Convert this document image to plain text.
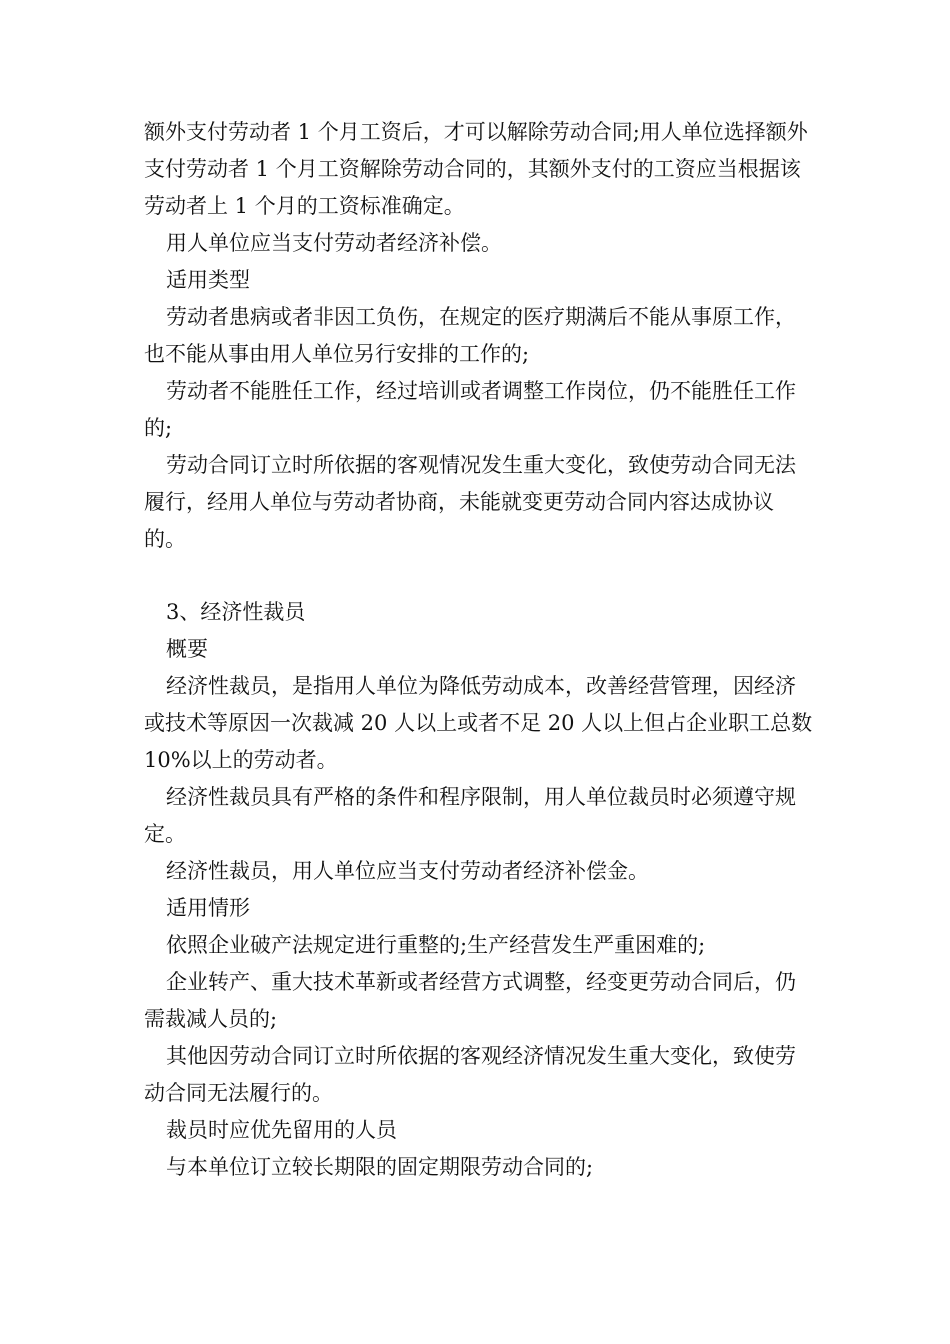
额外支付劳动者 1 个月工资后，才可以解除劳动合同;用人单位选择额外支付劳动者 1 个月工资解除劳动合同的，其额外支付的工资应当根据该劳动者上 1 个月的工资标准确定。

用人单位应当支付劳动者经济补偿。

适用类型

劳动者患病或者非因工负伤，在规定的医疗期满后不能从事原工作，也不能从事由用人单位另行安排的工作的;

劳动者不能胜任工作，经过培训或者调整工作岗位，仍不能胜任工作的;

劳动合同订立时所依据的客观情况发生重大变化，致使劳动合同无法履行，经用人单位与劳动者协商，未能就变更劳动合同内容达成协议的。

3、经济性裁员

概要

经济性裁员，是指用人单位为降低劳动成本，改善经营管理，因经济或技术等原因一次裁减 20 人以上或者不足 20 人以上但占企业职工总数 10%以上的劳动者。

经济性裁员具有严格的条件和程序限制，用人单位裁员时必须遵守规定。

经济性裁员，用人单位应当支付劳动者经济补偿金。

适用情形

依照企业破产法规定进行重整的;生产经营发生严重困难的;

企业转产、重大技术革新或者经营方式调整，经变更劳动合同后，仍需裁减人员的;

其他因劳动合同订立时所依据的客观经济情况发生重大变化，致使劳动合同无法履行的。

裁员时应优先留用的人员

与本单位订立较长期限的固定期限劳动合同的;
